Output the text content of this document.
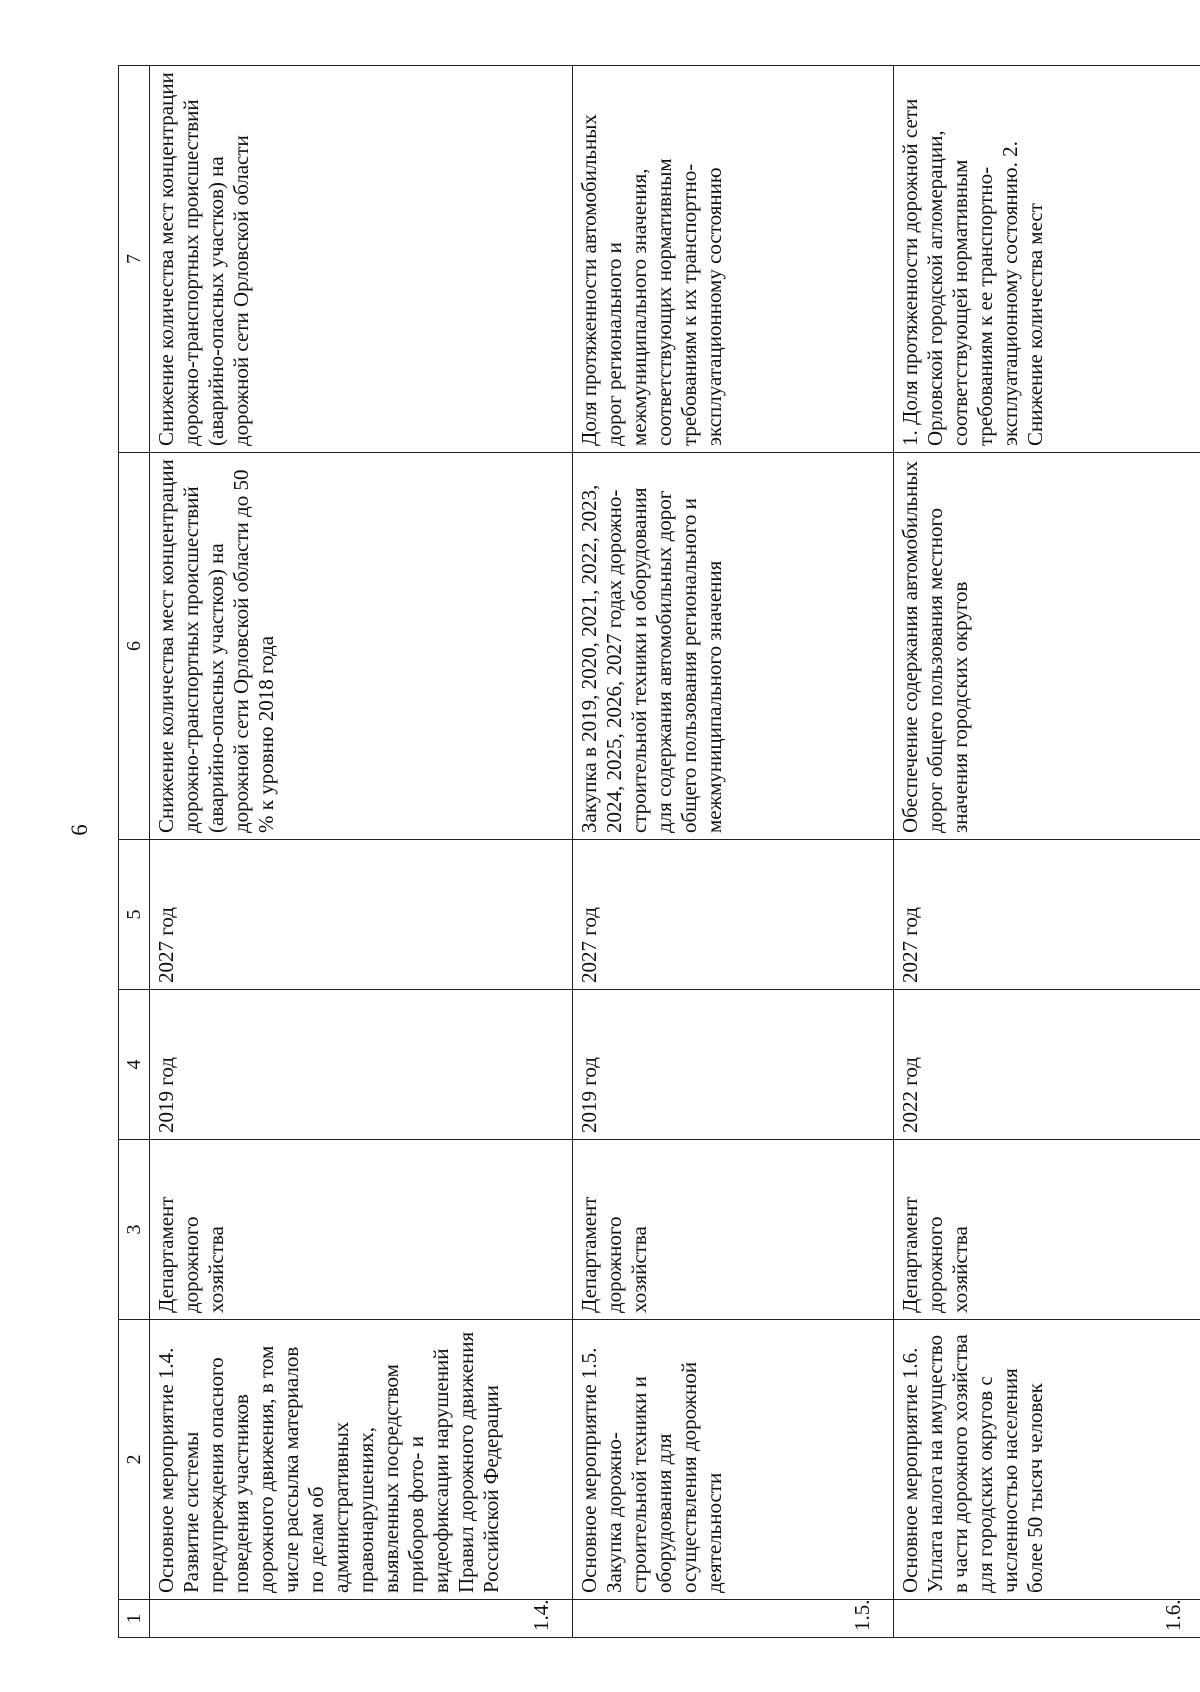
6
1	2	3	4	5	6	7
1.4.	Основное мероприятие 1.4. Развитие системы предупреждения опасного поведения участников дорожного движения, в том числе рассылка материалов по делам об административных правонарушениях, выявленных посредством приборов фото- и видеофиксации нарушений Правил дорожного движения Российской Федерации	Департамент дорожного хозяйства	2019 год	2027 год	Снижение количества мест концентрации дорожно-транспортных происшествий (аварийно-опасных участков) на дорожной сети Орловской области до 50 % к уровню 2018 года	Снижение количества мест концентрации дорожно-транспортных происшествий (аварийно-опасных участков) на дорожной сети Орловской области
1.5.	Основное мероприятие 1.5. Закупка дорожно-строительной техники и оборудования для осуществления дорожной деятельности	Департамент дорожного хозяйства	2019 год	2027 год	Закупка в 2019, 2020, 2021, 2022, 2023, 2024, 2025, 2026, 2027 годах дорожно-строительной техники и оборудования для содержания автомобильных дорог общего пользования регионального и межмуниципального значения	Доля протяженности автомобильных дорог регионального и межмуниципального значения, соответствующих нормативным требованиям к их транспортно-эксплуатационному состоянию
1.6.	Основное мероприятие 1.6. Уплата налога на имущество в части дорожного хозяйства для городских округов с численностью населения более 50 тысяч человек	Департамент дорожного хозяйства	2022 год	2027 год	Обеспечение содержания автомобильных дорог общего пользования местного значения городских округов	1. Доля протяженности дорожной сети Орловской городской агломерации, соответствующей нормативным требованиям к ее транспортно-эксплуатационному состоянию. 2. Снижение количества мест
